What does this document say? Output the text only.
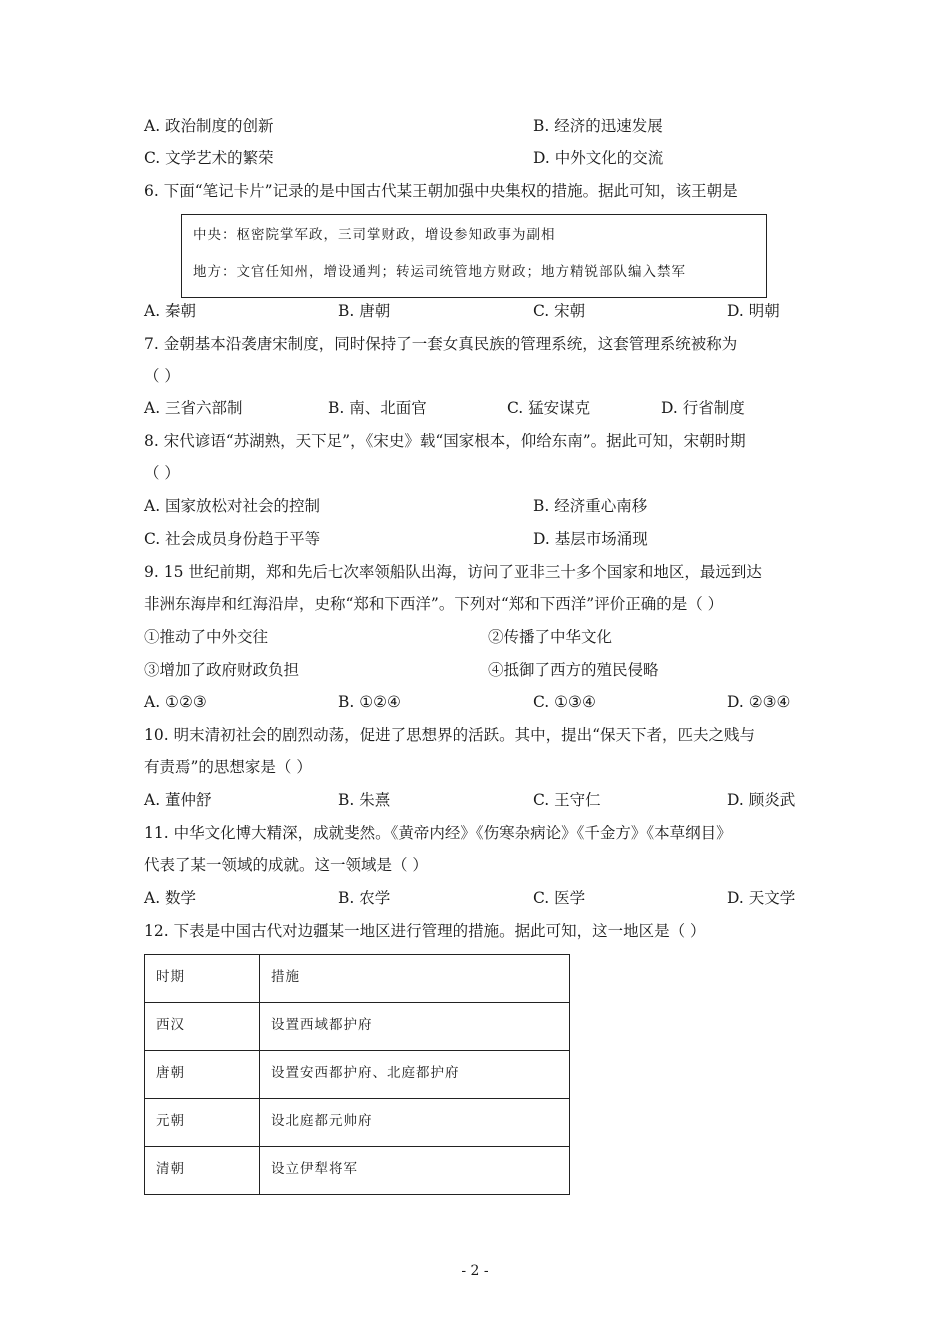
A. 政治制度的创新	B. 经济的迅速发展
C. 文学艺术的繁荣	D. 中外文化的交流
6. 下面“笔记卡片”记录的是中国古代某王朝加强中央集权的措施。据此可知，该王朝是
中央：枢密院掌军政，三司掌财政，增设参知政事为副相
地方：文官任知州，增设通判；转运司统管地方财政；地方精锐部队编入禁军
A. 秦朝	B. 唐朝	C. 宋朝	D. 明朝
7. 金朝基本沿袭唐宋制度，同时保持了一套女真民族的管理系统，这套管理系统被称为
（ ）
A. 三省六部制	B. 南、北面官	C. 猛安谋克	D. 行省制度
8. 宋代谚语“苏湖熟，天下足”，《宋史》载“国家根本，仰给东南”。据此可知，宋朝时期
（ ）
A. 国家放松对社会的控制	B. 经济重心南移
C. 社会成员身份趋于平等	D. 基层市场涌现
9. 15 世纪前期，郑和先后七次率领船队出海，访问了亚非三十多个国家和地区，最远到达
非洲东海岸和红海沿岸，史称“郑和下西洋”。下列对“郑和下西洋”评价正确的是（ ）
①推动了中外交往	②传播了中华文化
③增加了政府财政负担	④抵御了西方的殖民侵略
A. ①②③	B. ①②④	C. ①③④	D. ②③④
10. 明末清初社会的剧烈动荡，促进了思想界的活跃。其中，提出“保天下者，匹夫之贱与
有责焉”的思想家是（ ）
A. 董仲舒	B. 朱熹	C. 王守仁	D. 顾炎武
11. 中华文化博大精深，成就斐然。《黄帝内经》《伤寒杂病论》《千金方》《本草纲目》
代表了某一领域的成就。这一领域是（ ）
A. 数学	B. 农学	C. 医学	D. 天文学
12. 下表是中国古代对边疆某一地区进行管理的措施。据此可知，这一地区是（ ）
时期	措施
西汉	设置西域都护府
唐朝	设置安西都护府、北庭都护府
元朝	设北庭都元帅府
清朝	设立伊犁将军
- 2 -
